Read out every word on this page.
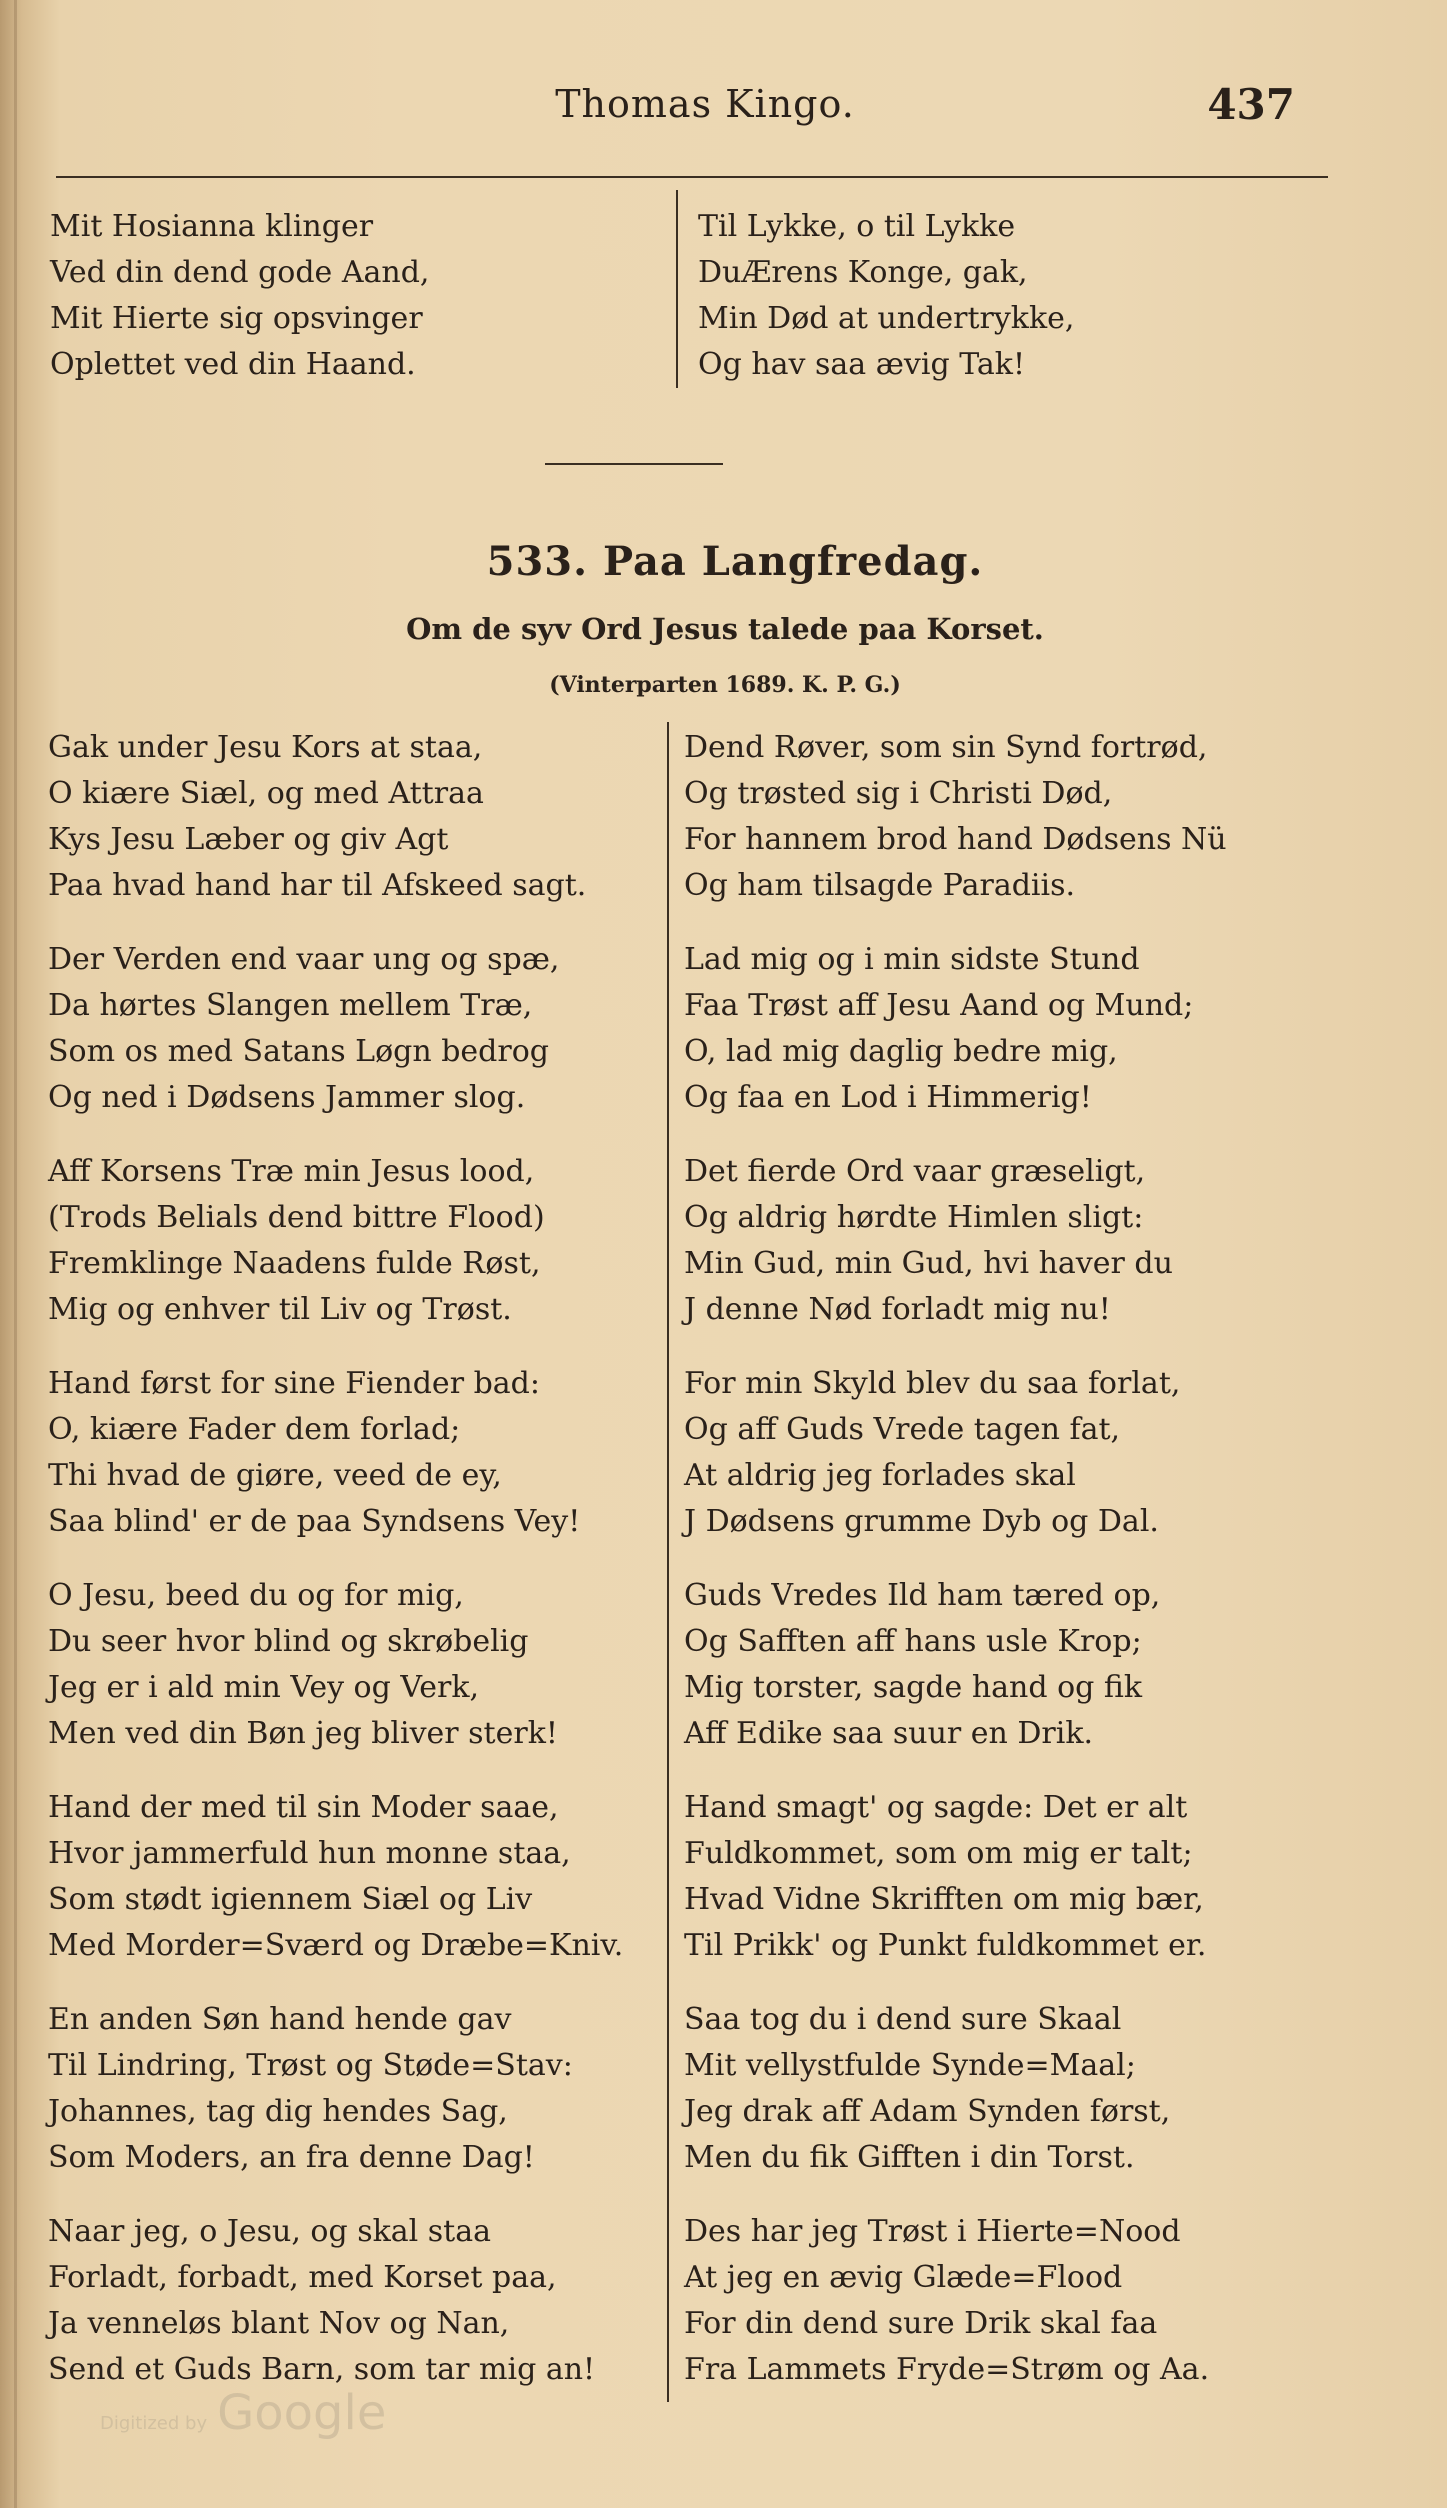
Thomas Kingo.	437
Mit Hosianna klinger
Ved din dend gode Aand,
Mit Hierte sig opsvinger
Oplettet ved din Haand.
Til Lykke, o til Lykke
DuÆrens Konge, gak,
Min Død at undertrykke,
Og hav saa ævig Tak!
533. Paa Langfredag.
Om de syv Ord Jesus talede paa Korset.
(Vinterparten 1689. K. P. G.)
Gak under Jesu Kors at staa,
O kiære Siæl, og med Attraa
Kys Jesu Læber og giv Agt
Paa hvad hand har til Afskeed sagt.
Der Verden end vaar ung og spæ,
Da hørtes Slangen mellem Træ,
Som os med Satans Løgn bedrog
Og ned i Dødsens Jammer slog.
Aff Korsens Træ min Jesus lood,
(Trods Belials dend bittre Flood)
Fremklinge Naadens fulde Røst,
Mig og enhver til Liv og Trøst.
Hand først for sine Fiender bad:
O, kiære Fader dem forlad;
Thi hvad de giøre, veed de ey,
Saa blind' er de paa Syndsens Vey!
O Jesu, beed du og for mig,
Du seer hvor blind og skrøbelig
Jeg er i ald min Vey og Verk,
Men ved din Bøn jeg bliver sterk!
Hand der med til sin Moder saae,
Hvor jammerfuld hun monne staa,
Som stødt igiennem Siæl og Liv
Med Morder=Sværd og Dræbe=Kniv.
En anden Søn hand hende gav
Til Lindring, Trøst og Støde=Stav:
Johannes, tag dig hendes Sag,
Som Moders, an fra denne Dag!
Naar jeg, o Jesu, og skal staa
Forladt, forbadt, med Korset paa,
Ja venneløs blant Nov og Nan,
Send et Guds Barn, som tar mig an!
Dend Røver, som sin Synd fortrød,
Og trøsted sig i Christi Død,
For hannem brod hand Dødsens Nü
Og ham tilsagde Paradiis.
Lad mig og i min sidste Stund
Faa Trøst aff Jesu Aand og Mund;
O, lad mig daglig bedre mig,
Og faa en Lod i Himmerig!
Det fierde Ord vaar græseligt,
Og aldrig hørdte Himlen sligt:
Min Gud, min Gud, hvi haver du
J denne Nød forladt mig nu!
For min Skyld blev du saa forlat,
Og aff Guds Vrede tagen fat,
At aldrig jeg forlades skal
J Dødsens grumme Dyb og Dal.
Guds Vredes Ild ham tæred op,
Og Safften aff hans usle Krop;
Mig torster, sagde hand og fik
Aff Edike saa suur en Drik.
Hand smagt' og sagde: Det er alt
Fuldkommet, som om mig er talt;
Hvad Vidne Skrifften om mig bær,
Til Prikk' og Punkt fuldkommet er.
Saa tog du i dend sure Skaal
Mit vellystfulde Synde=Maal;
Jeg drak aff Adam Synden først,
Men du fik Gifften i din Torst.
Des har jeg Trøst i Hierte=Nood
At jeg en ævig Glæde=Flood
For din dend sure Drik skal faa
Fra Lammets Frydе=Strøm og Aa.
Digitized by Google
